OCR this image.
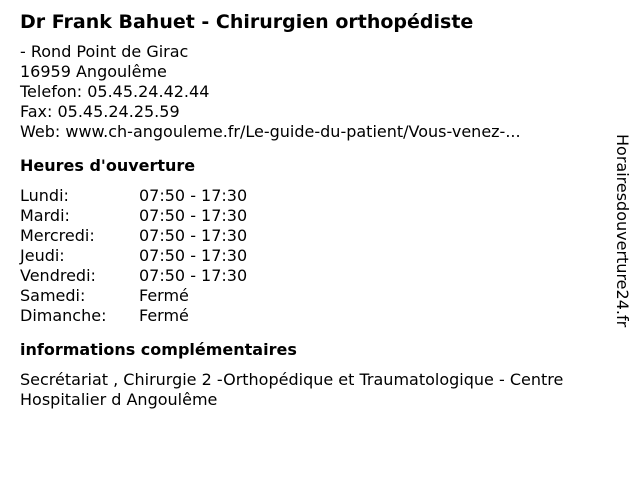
Dr Frank Bahuet - Chirurgien orthopédiste
- Rond Point de Girac
16959 Angoulême
Telefon: 05.45.24.42.44
Fax: 05.45.24.25.59
Web: www.ch-angouleme.fr/Le-guide-du-patient/Vous-venez-...
Heures d'ouverture
Lundi:	07:50 - 17:30
Mardi:	07:50 - 17:30
Mercredi:	07:50 - 17:30
Jeudi:	07:50 - 17:30
Vendredi:	07:50 - 17:30
Samedi:	Fermé
Dimanche:	Fermé
informations complémentaires
Secrétariat , Chirurgie 2 -Orthopédique et Traumatologique - Centre Hospitalier d Angoulême
Horairesdouverture24.fr
